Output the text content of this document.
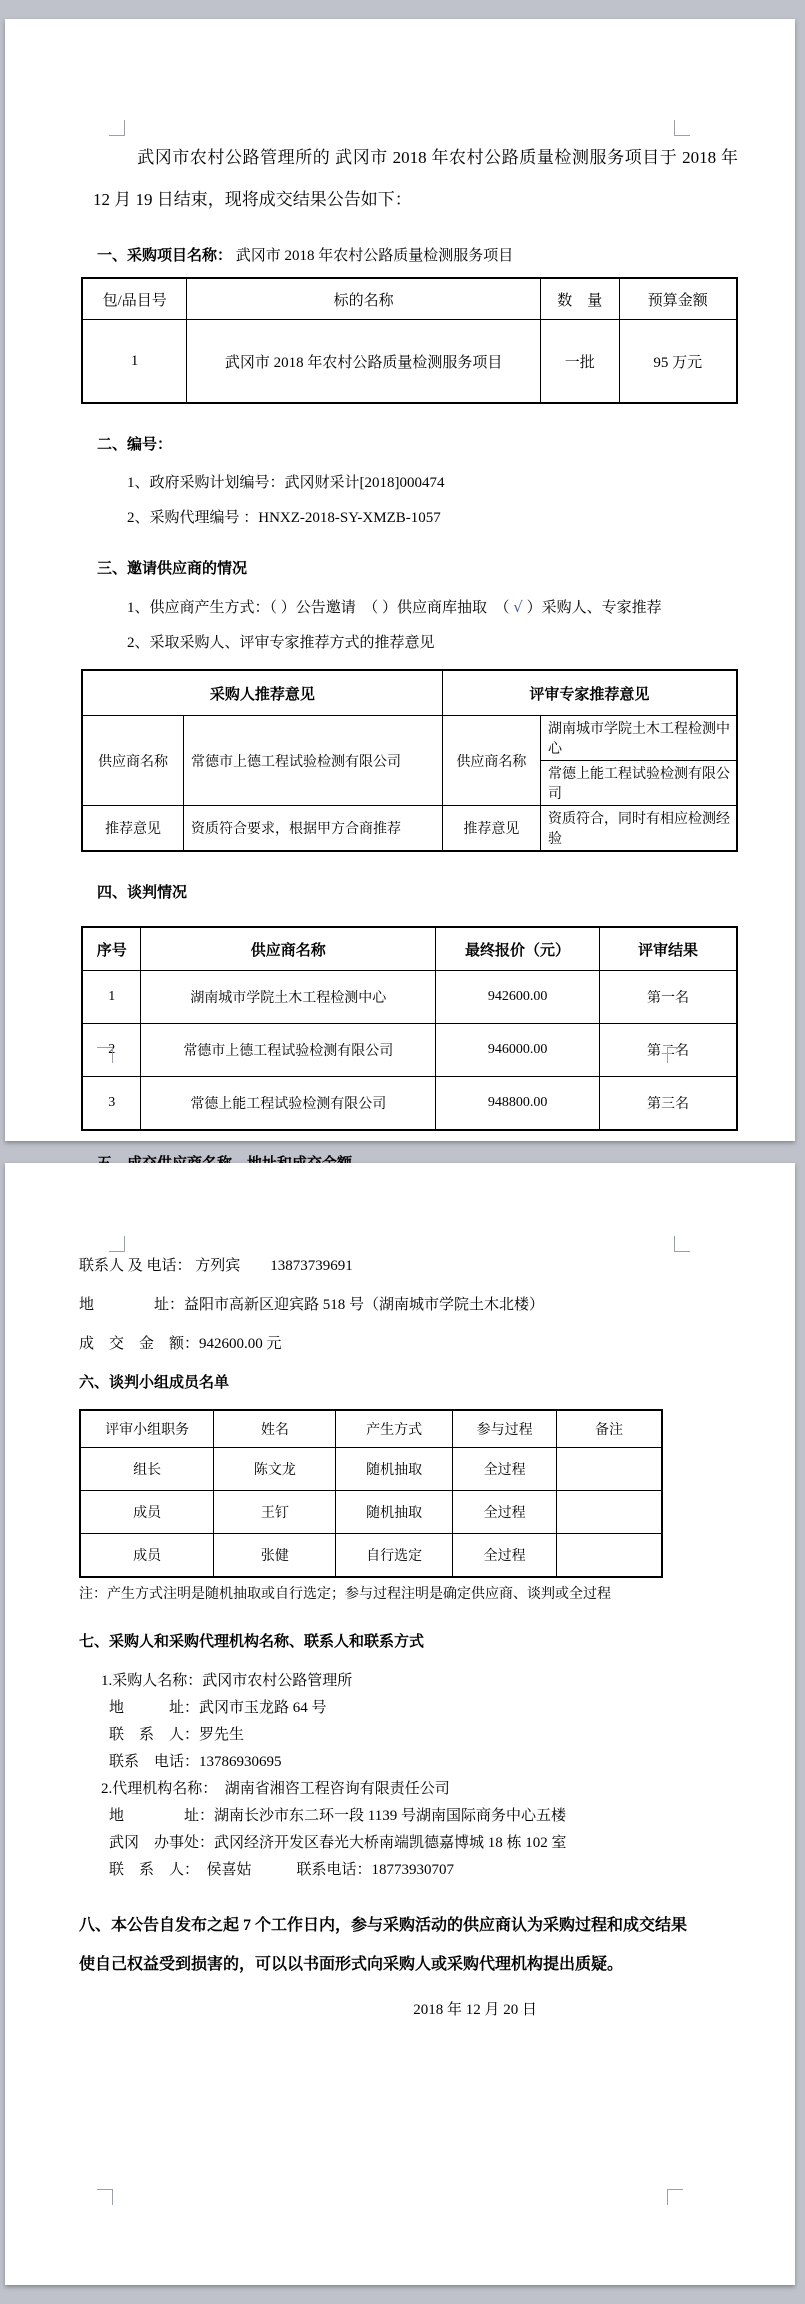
武冈市农村公路管理所的 武冈市 2018 年农村公路质量检测服务项目于 2018 年 12 月 19 日结束，现将成交结果公告如下：

一、采购项目名称： 武冈市 2018 年农村公路质量检测服务项目

包/品目号	标的名称	数　量	预算金额
1	武冈市 2018 年农村公路质量检测服务项目	一批	95 万元

二、编号：

1、政府采购计划编号：武冈财采计[2018]000474

2、采购代理编号 ：HNXZ-2018-SY-XMZB-1057

三、邀请供应商的情况

1、供应商产生方式：（ ）公告邀请　（ ）供应商库抽取　（ √ ）采购人、专家推荐

2、采取采购人、评审专家推荐方式的推荐意见

采购人推荐意见		评审专家推荐意见	
供应商名称	常德市上德工程试验检测有限公司	供应商名称	湖南城市学院土木工程检测中心
			常德上能工程试验检测有限公司
推荐意见	资质符合要求，根据甲方合商推荐	推荐意见	资质符合，同时有相应检测经验

四、谈判情况

序号	供应商名称	最终报价（元）	评审结果
1	湖南城市学院土木工程检测中心	942600.00	第一名
2	常德市上德工程试验检测有限公司	946000.00	第二名
3	常德上能工程试验检测有限公司	948800.00	第三名

联系人 及 电话： 方列宾　　13873739691

地　　　　址：益阳市高新区迎宾路 518 号（湖南城市学院土木北楼）

成　交　金　额：942600.00 元

六、谈判小组成员名单

评审小组职务	姓名	产生方式	参与过程	备注
组长	陈文龙	随机抽取	全过程	
成员	王钉	随机抽取	全过程	
成员	张健	自行选定	全过程	

注：产生方式注明是随机抽取或自行选定；参与过程注明是确定供应商、谈判或全过程

七、采购人和采购代理机构名称、联系人和联系方式

1.采购人名称：武冈市农村公路管理所

地　　　址：武冈市玉龙路 64 号

联　系　人：罗先生

联系　电话：13786930695

2.代理机构名称：　湖南省湘咨工程咨询有限责任公司

地　　　　址：湖南长沙市东二环一段 1139 号湖南国际商务中心五楼

武冈　办事处：武冈经济开发区春光大桥南端凯德嘉博城 18 栋 102 室

联　系　人：　侯喜姑　　　联系电话：18773930707

八、本公告自发布之起 7 个工作日内，参与采购活动的供应商认为采购过程和成交结果使自己权益受到损害的，可以以书面形式向采购人或采购代理机构提出质疑。

2018 年 12 月 20 日
